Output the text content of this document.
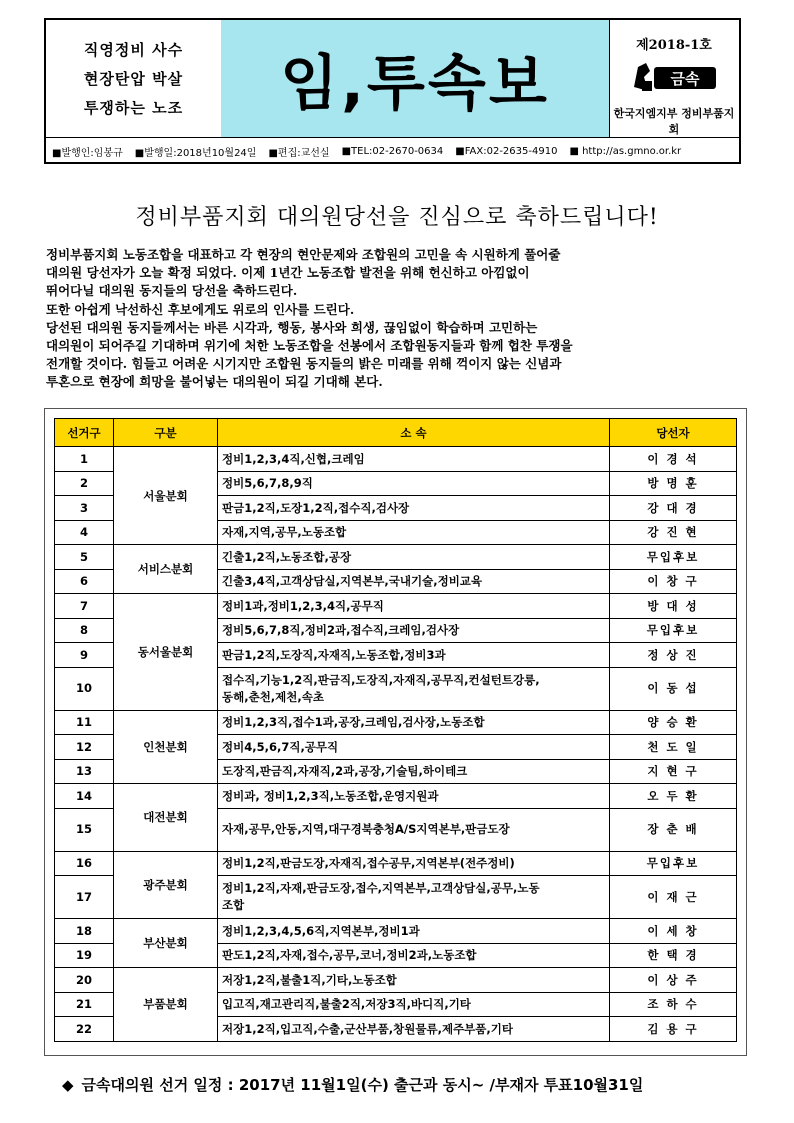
직영정비 사수
현장탄압 박살
투쟁하는 노조 임,투속보
제2018-1호
금속
한국지엠지부 정비부품지회
■발행인:임봉규 ■발행일:2018년10월24일 ■편집:교선실 ■TEL:02-2670-0634 ■FAX:02-2635-4910 ■ http://as.gmno.or.kr
정비부품지회 대의원당선을 진심으로 축하드립니다!

정비부품지회 노동조합을 대표하고 각 현장의 현안문제와 조합원의 고민을 속 시원하게 풀어줄

대의원 당선자가 오늘 확정 되었다. 이제 1년간 노동조합 발전을 위해 헌신하고 아낌없이

뛰어다닐 대의원 동지들의 당선을 축하드린다.

또한 아쉽게 낙선하신 후보에게도 위로의 인사를 드린다.

당선된 대의원 동지들께서는 바른 시각과, 행동, 봉사와 희생, 끊임없이 학습하며 고민하는

대의원이 되어주길 기대하며 위기에 처한 노동조합을 선봉에서 조합원동지들과 함께 헙찬 투쟁을

전개할 것이다. 힘들고 어려운 시기지만 조합원 동지들의 밝은 미래를 위해 꺽이지 않는 신념과

투혼으로 현장에 희망을 불어넣는 대의원이 되길 기대해 본다.

선거구	구분	소 속	당선자
1	서울분회	정비1,2,3,4직,신협,크레임	이 경 석
2		정비5,6,7,8,9직	방 명 훈
3		판금1,2직,도장1,2직,접수직,검사장	강 대 경
4		자재,지역,공무,노동조합	강 진 현
5	서비스분회	긴출1,2직,노동조합,공장	무입후보
6		긴출3,4직,고객상담실,지역본부,국내기술,정비교육	이 창 구
7	동서울분회	정비1과,정비1,2,3,4직,공무직	방 대 성
8		정비5,6,7,8직,정비2과,접수직,크레임,검사장	무입후보
9		판금1,2직,도장직,자재직,노동조합,정비3과	정 상 진
10		접수직,기능1,2직,판금직,도장직,자재직,공무직,컨설턴트강릉,
동해,춘천,제천,속초	이 동 섭
11	인천분회	정비1,2,3직,접수1과,공장,크레임,검사장,노동조합	양 승 환
12		정비4,5,6,7직,공무직	천 도 일
13		도장직,판금직,자재직,2과,공장,기술팀,하이테크	지 현 구
14	대전분회	정비과, 정비1,2,3직,노동조합,운영지원과	오 두 환
15		자재,공무,안동,지역,대구경북충청A/S지역본부,판금도장	장 춘 배
16	광주분회	정비1,2직,판금도장,자재직,접수공무,지역본부(전주정비)	무입후보
17		정비1,2직,자재,판금도장,접수,지역본부,고객상담실,공무,노동
조합	이 재 근
18	부산분회	정비1,2,3,4,5,6직,지역본부,정비1과	이 세 창
19		판도1,2직,자재,접수,공무,코너,정비2과,노동조합	한 택 경
20	부품분회	저장1,2직,불출1직,기타,노동조합	이 상 주
21		입고직,재고관리직,불출2직,저장3직,바디직,기타	조 하 수
22		저장1,2직,입고직,수출,군산부품,창원물류,제주부품,기타	김 용 구
◆ 금속대의원 선거 일정 : 2017년 11월1일(수) 출근과 동시~ /부재자 투표10월31일
